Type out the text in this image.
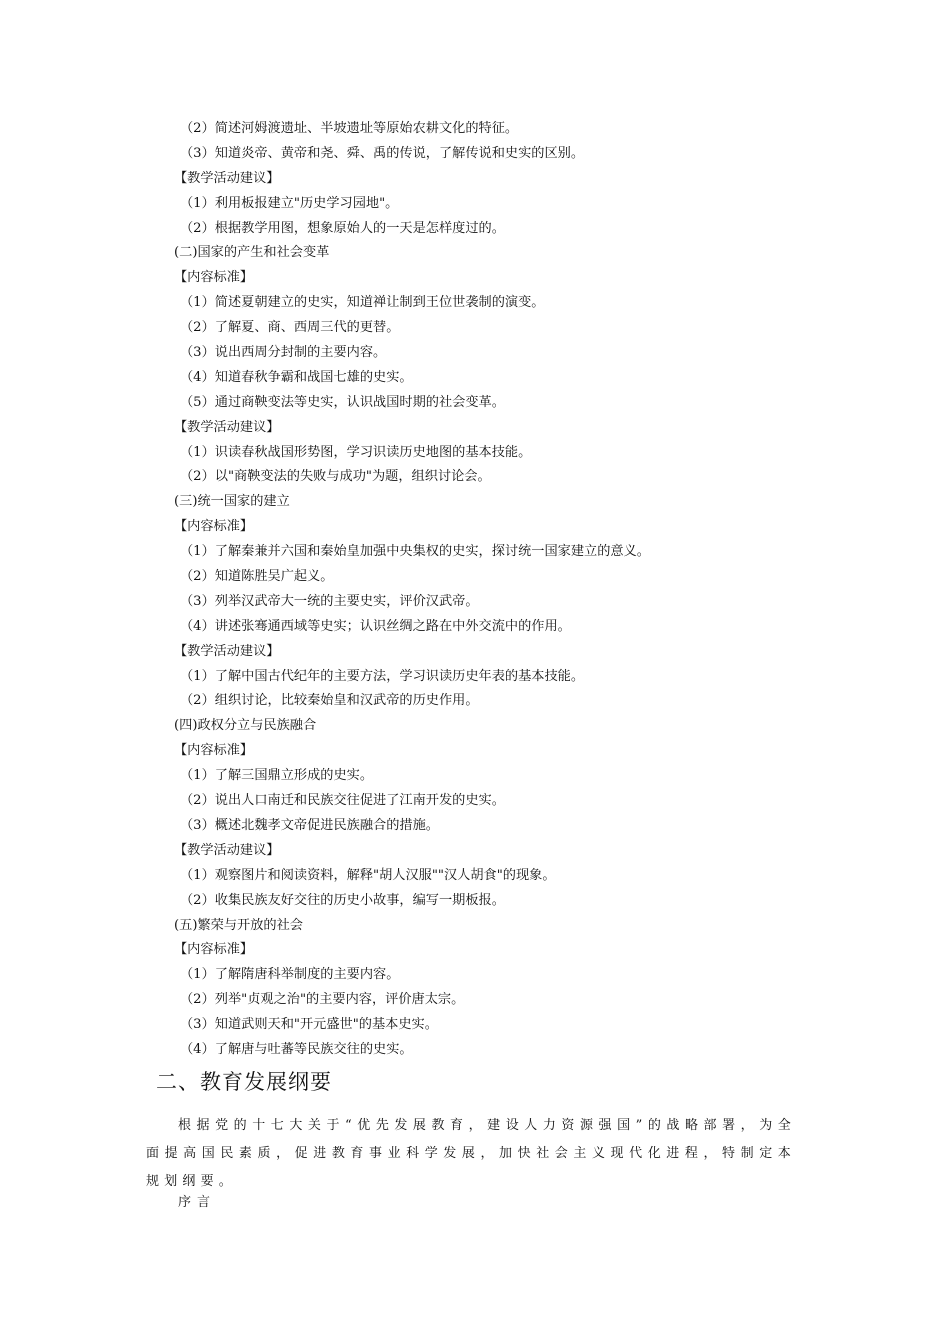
（2）简述河姆渡遗址、半坡遗址等原始农耕文化的特征。
（3）知道炎帝、黄帝和尧、舜、禹的传说，了解传说和史实的区别。
【教学活动建议】
（1）利用板报建立"历史学习园地"。
（2）根据教学用图，想象原始人的一天是怎样度过的。
(二)国家的产生和社会变革
【内容标准】
（1）简述夏朝建立的史实，知道禅让制到王位世袭制的演变。
（2）了解夏、商、西周三代的更替。
（3）说出西周分封制的主要内容。
（4）知道春秋争霸和战国七雄的史实。
（5）通过商鞅变法等史实，认识战国时期的社会变革。
【教学活动建议】
（1）识读春秋战国形势图，学习识读历史地图的基本技能。
（2）以"商鞅变法的失败与成功"为题，组织讨论会。
(三)统一国家的建立
【内容标准】
（1）了解秦兼并六国和秦始皇加强中央集权的史实，探讨统一国家建立的意义。
（2）知道陈胜吴广起义。
（3）列举汉武帝大一统的主要史实，评价汉武帝。
（4）讲述张骞通西域等史实；认识丝绸之路在中外交流中的作用。
【教学活动建议】
（1）了解中国古代纪年的主要方法，学习识读历史年表的基本技能。
（2）组织讨论，比较秦始皇和汉武帝的历史作用。
(四)政权分立与民族融合
【内容标准】
（1）了解三国鼎立形成的史实。
（2）说出人口南迁和民族交往促进了江南开发的史实。
（3）概述北魏孝文帝促进民族融合的措施。
【教学活动建议】
（1）观察图片和阅读资料，解释"胡人汉服""汉人胡食"的现象。
（2）收集民族友好交往的历史小故事，编写一期板报。
(五)繁荣与开放的社会
【内容标准】
（1）了解隋唐科举制度的主要内容。
（2）列举"贞观之治"的主要内容，评价唐太宗。
（3）知道武则天和"开元盛世"的基本史实。
（4）了解唐与吐蕃等民族交往的史实。
二、教育发展纲要
根据党的十七大关于“优先发展教育，建设人力资源强国”的战略部署，为全面提高国民素质，促进教育事业科学发展，加快社会主义现代化进程，特制定本规划纲要。
序言
